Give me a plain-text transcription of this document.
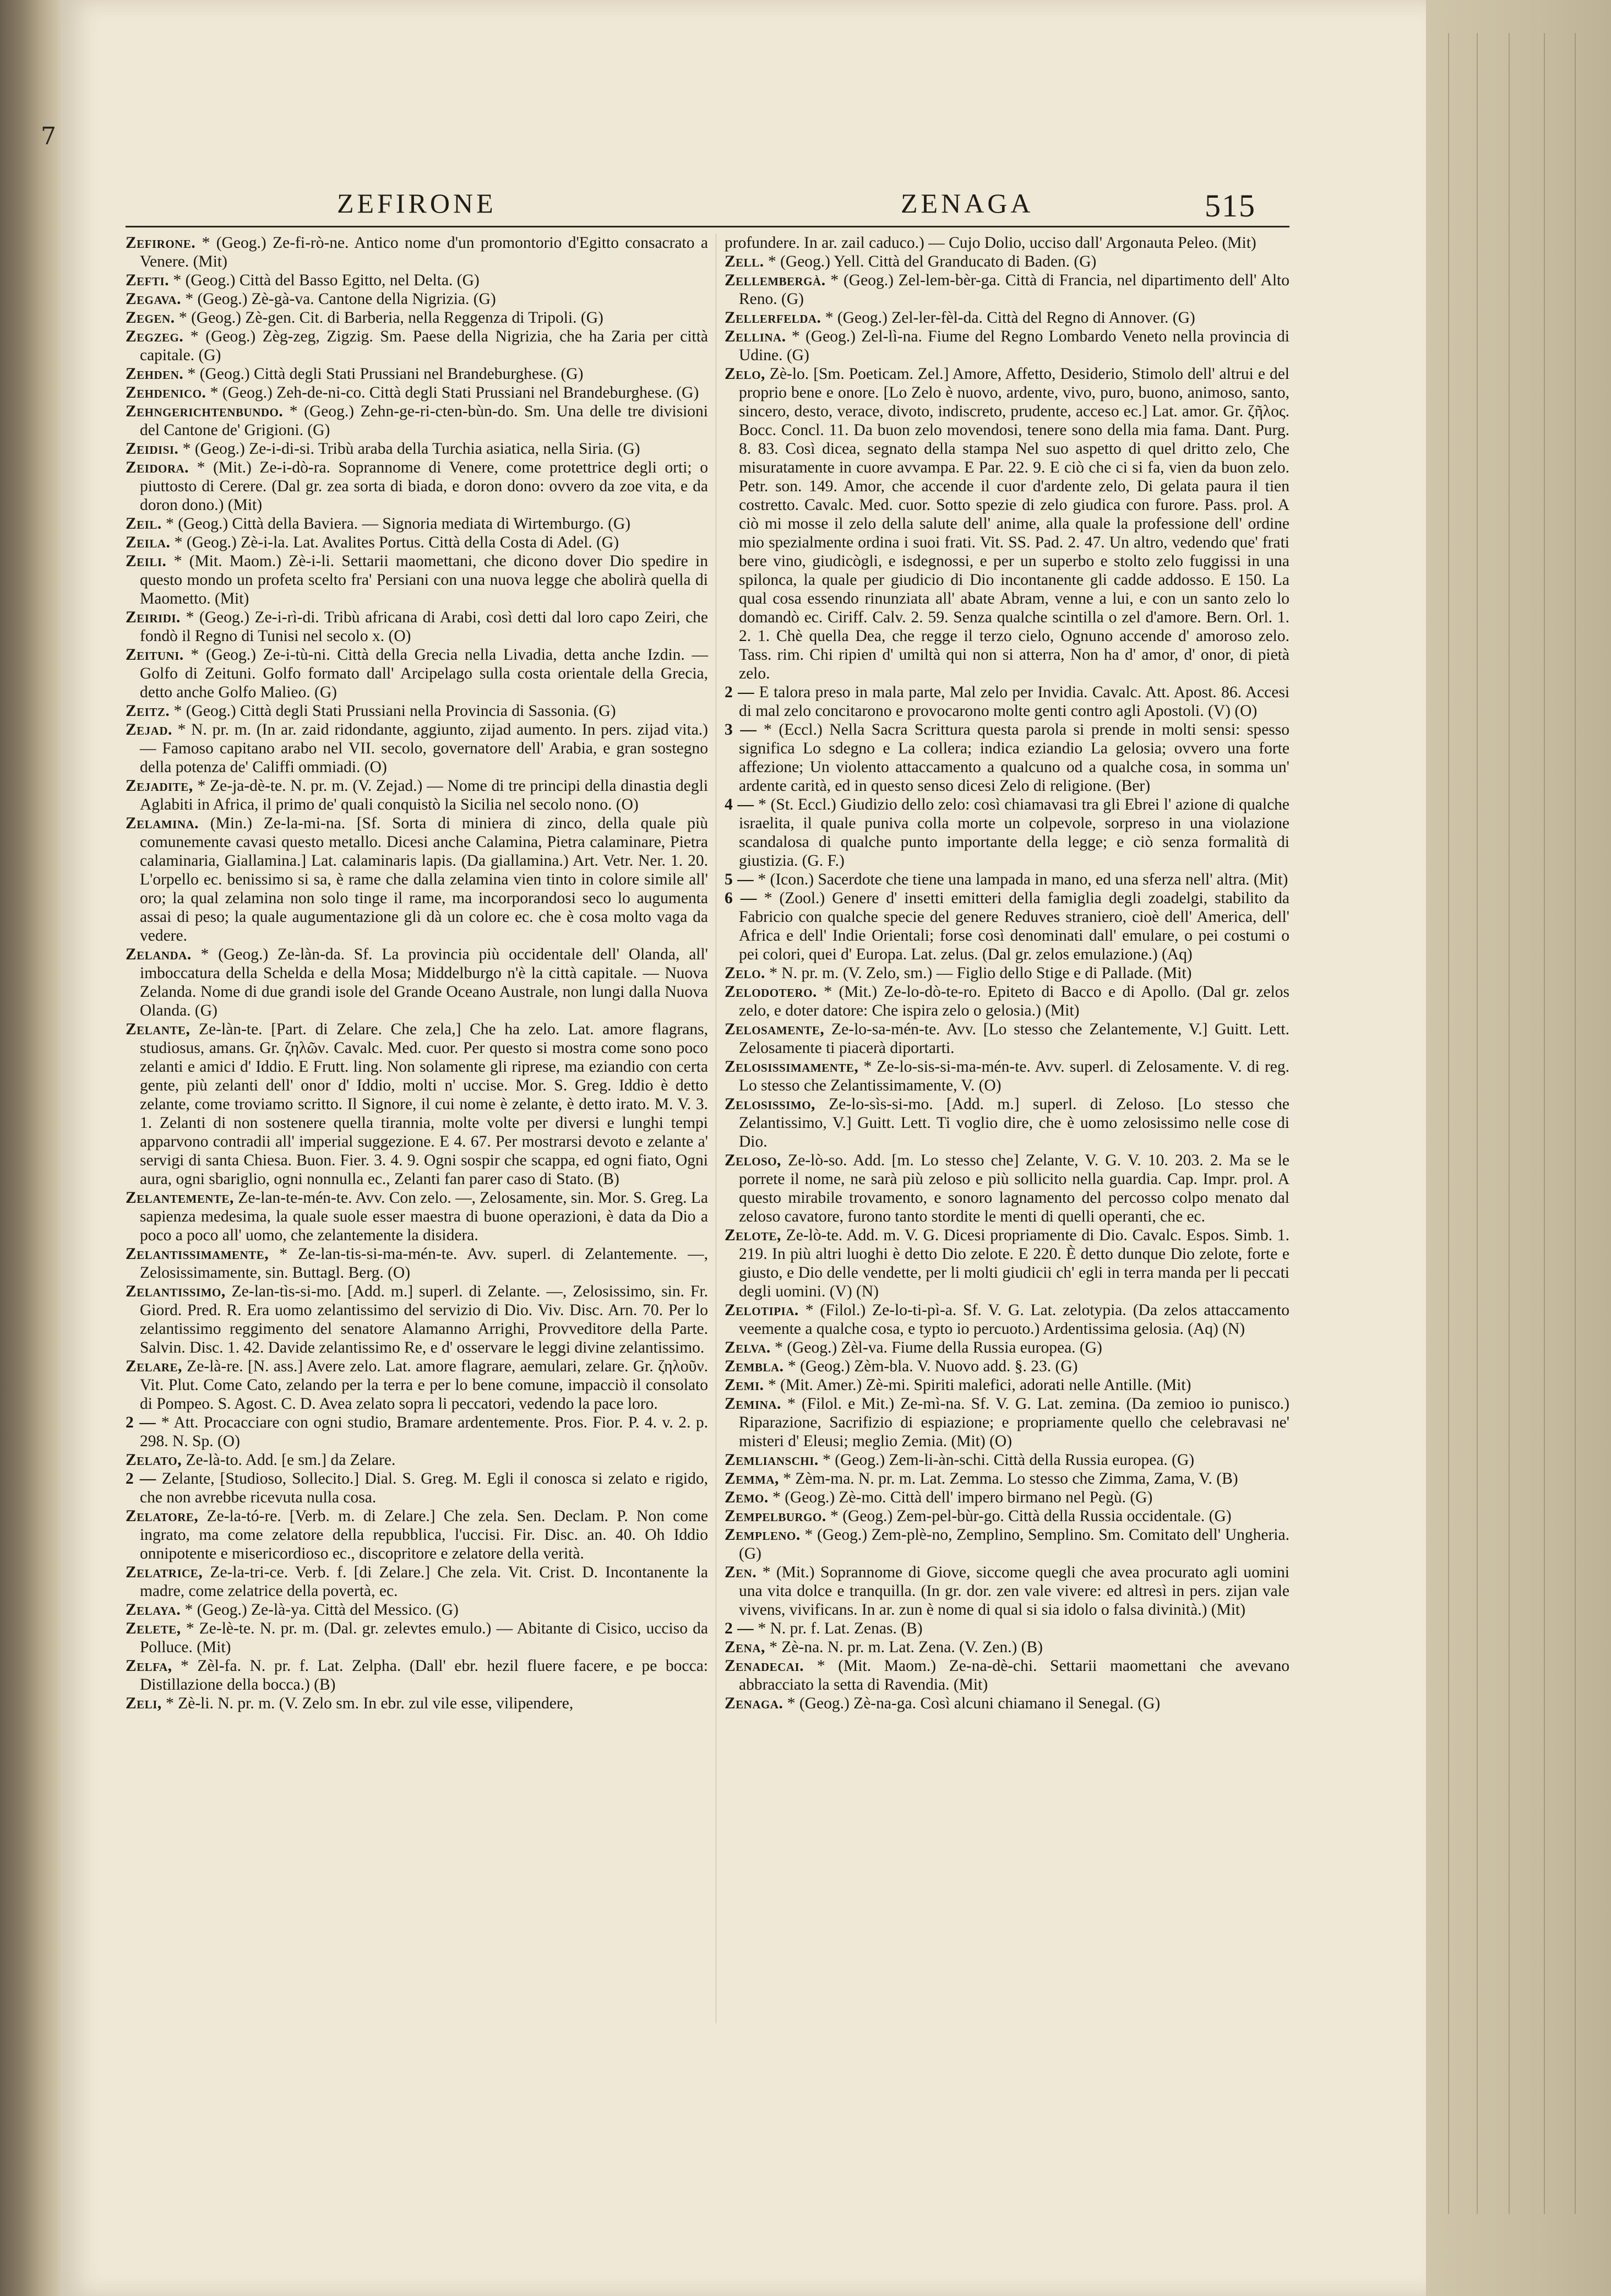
7
ZEFIRONE	ZENAGA	515

Zefirone. * (Geog.) Ze-fi-rò-ne. Antico nome d'un promontorio d'Egitto consacrato a Venere. (Mit)

Zefti. * (Geog.) Città del Basso Egitto, nel Delta. (G)

Zegava. * (Geog.) Zè-gà-va. Cantone della Nigrizia. (G)

Zegen. * (Geog.) Zè-gen. Cit. di Barberia, nella Reggenza di Tripoli. (G)

Zegzeg. * (Geog.) Zèg-zeg, Zigzig. Sm. Paese della Nigrizia, che ha Zaria per città capitale. (G)

Zehden. * (Geog.) Città degli Stati Prussiani nel Brandeburghese. (G)

Zehdenico. * (Geog.) Zeh-de-ni-co. Città degli Stati Prussiani nel Brandeburghese. (G)

Zehngerichtenbundo. * (Geog.) Zehn-ge-ri-cten-bùn-do. Sm. Una delle tre divisioni del Cantone de' Grigioni. (G)

Zeidisi. * (Geog.) Ze-i-di-si. Tribù araba della Turchia asiatica, nella Siria. (G)

Zeidora. * (Mit.) Ze-i-dò-ra. Soprannome di Venere, come protettrice degli orti; o piuttosto di Cerere. (Dal gr. zea sorta di biada, e doron dono: ovvero da zoe vita, e da doron dono.) (Mit)

Zeil. * (Geog.) Città della Baviera. — Signoria mediata di Wirtemburgo. (G)

Zeila. * (Geog.) Zè-i-la. Lat. Avalites Portus. Città della Costa di Adel. (G)

Zeili. * (Mit. Maom.) Zè-i-li. Settarii maomettani, che dicono dover Dio spedire in questo mondo un profeta scelto fra' Persiani con una nuova legge che abolirà quella di Maometto. (Mit)

Zeiridi. * (Geog.) Ze-i-rì-di. Tribù africana di Arabi, così detti dal loro capo Zeiri, che fondò il Regno di Tunisi nel secolo x. (O)

Zeituni. * (Geog.) Ze-i-tù-ni. Città della Grecia nella Livadia, detta anche Izdin. — Golfo di Zeituni. Golfo formato dall' Arcipelago sulla costa orientale della Grecia, detto anche Golfo Malieo. (G)

Zeitz. * (Geog.) Città degli Stati Prussiani nella Provincia di Sassonia. (G)

Zejad. * N. pr. m. (In ar. zaid ridondante, aggiunto, zijad aumento. In pers. zijad vita.) — Famoso capitano arabo nel VII. secolo, governatore dell' Arabia, e gran sostegno della potenza de' Califfi ommiadi. (O)

Zejadite, * Ze-ja-dè-te. N. pr. m. (V. Zejad.) — Nome di tre principi della dinastia degli Aglabiti in Africa, il primo de' quali conquistò la Sicilia nel secolo nono. (O)

Zelamina. (Min.) Ze-la-mi-na. [Sf. Sorta di miniera di zinco, della quale più comunemente cavasi questo metallo. Dicesi anche Calamina, Pietra calaminare, Pietra calaminaria, Giallamina.] Lat. calaminaris lapis. (Da giallamina.) Art. Vetr. Ner. 1. 20. L'orpello ec. benissimo si sa, è rame che dalla zelamina vien tinto in colore simile all' oro; la qual zelamina non solo tinge il rame, ma incorporandosi seco lo augumenta assai di peso; la quale augumentazione gli dà un colore ec. che è cosa molto vaga da vedere.

Zelanda. * (Geog.) Ze-làn-da. Sf. La provincia più occidentale dell' Olanda, all' imboccatura della Schelda e della Mosa; Middelburgo n'è la città capitale. — Nuova Zelanda. Nome di due grandi isole del Grande Oceano Australe, non lungi dalla Nuova Olanda. (G)

Zelante, Ze-làn-te. [Part. di Zelare. Che zela,] Che ha zelo. Lat. amore flagrans, studiosus, amans. Gr. ζηλῶν. Cavalc. Med. cuor. Per questo si mostra come sono poco zelanti e amici d' Iddio. E Frutt. ling. Non solamente gli riprese, ma eziandio con certa gente, più zelanti dell' onor d' Iddio, molti n' uccise. Mor. S. Greg. Iddio è detto zelante, come troviamo scritto. Il Signore, il cui nome è zelante, è detto irato. M. V. 3. 1. Zelanti di non sostenere quella tirannia, molte volte per diversi e lunghi tempi apparvono contradii all' imperial suggezione. E 4. 67. Per mostrarsi devoto e zelante a' servigi di santa Chiesa. Buon. Fier. 3. 4. 9. Ogni sospir che scappa, ed ogni fiato, Ogni aura, ogni sbariglio, ogni nonnulla ec., Zelanti fan parer caso di Stato. (B)

Zelantemente, Ze-lan-te-mén-te. Avv. Con zelo. —, Zelosamente, sin. Mor. S. Greg. La sapienza medesima, la quale suole esser maestra di buone operazioni, è data da Dio a poco a poco all' uomo, che zelantemente la disidera.

Zelantissimamente, * Ze-lan-tis-si-ma-mén-te. Avv. superl. di Zelantemente. —, Zelosissimamente, sin. Buttagl. Berg. (O)

Zelantissimo, Ze-lan-tìs-si-mo. [Add. m.] superl. di Zelante. —, Zelosissimo, sin. Fr. Giord. Pred. R. Era uomo zelantissimo del servizio di Dio. Viv. Disc. Arn. 70. Per lo zelantissimo reggimento del senatore Alamanno Arrighi, Provveditore della Parte. Salvin. Disc. 1. 42. Davide zelantissimo Re, e d' osservare le leggi divine zelantissimo.

Zelare, Ze-là-re. [N. ass.] Avere zelo. Lat. amore flagrare, aemulari, zelare. Gr. ζηλοῦν. Vit. Plut. Come Cato, zelando per la terra e per lo bene comune, impacciò il consolato di Pompeo. S. Agost. C. D. Avea zelato sopra li peccatori, vedendo la pace loro.

2 — * Att. Procacciare con ogni studio, Bramare ardentemente. Pros. Fior. P. 4. v. 2. p. 298. N. Sp. (O)

Zelato, Ze-là-to. Add. [e sm.] da Zelare.

2 — Zelante, [Studioso, Sollecito.] Dial. S. Greg. M. Egli il conosca si zelato e rigido, che non avrebbe ricevuta nulla cosa.

Zelatore, Ze-la-tó-re. [Verb. m. di Zelare.] Che zela. Sen. Declam. P. Non come ingrato, ma come zelatore della repubblica, l'uccisi. Fir. Disc. an. 40. Oh Iddio onnipotente e misericordioso ec., discopritore e zelatore della verità.

Zelatrice, Ze-la-tri-ce. Verb. f. [di Zelare.] Che zela. Vit. Crist. D. Incontanente la madre, come zelatrice della povertà, ec.

Zelaya. * (Geog.) Ze-là-ya. Città del Messico. (G)

Zelete, * Ze-lè-te. N. pr. m. (Dal. gr. zelevtes emulo.) — Abitante di Cisico, ucciso da Polluce. (Mit)

Zelfa, * Zèl-fa. N. pr. f. Lat. Zelpha. (Dall' ebr. hezil fluere facere, e pe bocca: Distillazione della bocca.) (B)

Zeli, * Zè-li. N. pr. m. (V. Zelo sm. In ebr. zul vile esse, vilipendere,

profundere. In ar. zail caduco.) — Cujo Dolio, ucciso dall' Argonauta Peleo. (Mit)

Zell. * (Geog.) Yell. Città del Granducato di Baden. (G)

Zellembergà. * (Geog.) Zel-lem-bèr-ga. Città di Francia, nel dipartimento dell' Alto Reno. (G)

Zellerfelda. * (Geog.) Zel-ler-fèl-da. Città del Regno di Annover. (G)

Zellina. * (Geog.) Zel-lì-na. Fiume del Regno Lombardo Veneto nella provincia di Udine. (G)

Zelo, Zè-lo. [Sm. Poeticam. Zel.] Amore, Affetto, Desiderio, Stimolo dell' altrui e del proprio bene e onore. [Lo Zelo è nuovo, ardente, vivo, puro, buono, animoso, santo, sincero, desto, verace, divoto, indiscreto, prudente, acceso ec.] Lat. amor. Gr. ζῆλος. Bocc. Concl. 11. Da buon zelo movendosi, tenere sono della mia fama. Dant. Purg. 8. 83. Così dicea, segnato della stampa Nel suo aspetto di quel dritto zelo, Che misuratamente in cuore avvampa. E Par. 22. 9. E ciò che ci si fa, vien da buon zelo. Petr. son. 149. Amor, che accende il cuor d'ardente zelo, Di gelata paura il tien costretto. Cavalc. Med. cuor. Sotto spezie di zelo giudica con furore. Pass. prol. A ciò mi mosse il zelo della salute dell' anime, alla quale la professione dell' ordine mio spezialmente ordina i suoi frati. Vit. SS. Pad. 2. 47. Un altro, vedendo que' frati bere vino, giudicògli, e isdegnossi, e per un superbo e stolto zelo fuggissi in una spilonca, la quale per giudicio di Dio incontanente gli cadde addosso. E 150. La qual cosa essendo rinunziata all' abate Abram, venne a lui, e con un santo zelo lo domandò ec. Ciriff. Calv. 2. 59. Senza qualche scintilla o zel d'amore. Bern. Orl. 1. 2. 1. Chè quella Dea, che regge il terzo cielo, Ognuno accende d' amoroso zelo. Tass. rim. Chi ripien d' umiltà qui non si atterra, Non ha d' amor, d' onor, di pietà zelo.

2 — E talora preso in mala parte, Mal zelo per Invidia. Cavalc. Att. Apost. 86. Accesi di mal zelo concitarono e provocarono molte genti contro agli Apostoli. (V) (O)

3 — * (Eccl.) Nella Sacra Scrittura questa parola si prende in molti sensi: spesso significa Lo sdegno e La collera; indica eziandio La gelosia; ovvero una forte affezione; Un violento attaccamento a qualcuno od a qualche cosa, in somma un' ardente carità, ed in questo senso dicesi Zelo di religione. (Ber)

4 — * (St. Eccl.) Giudizio dello zelo: così chiamavasi tra gli Ebrei l' azione di qualche israelita, il quale puniva colla morte un colpevole, sorpreso in una violazione scandalosa di qualche punto importante della legge; e ciò senza formalità di giustizia. (G. F.)

5 — * (Icon.) Sacerdote che tiene una lampada in mano, ed una sferza nell' altra. (Mit)

6 — * (Zool.) Genere d' insetti emitteri della famiglia degli zoadelgi, stabilito da Fabricio con qualche specie del genere Reduves straniero, cioè dell' America, dell' Africa e dell' Indie Orientali; forse così denominati dall' emulare, o pei costumi o pei colori, quei d' Europa. Lat. zelus. (Dal gr. zelos emulazione.) (Aq)

Zelo. * N. pr. m. (V. Zelo, sm.) — Figlio dello Stige e di Pallade. (Mit)

Zelodotero. * (Mit.) Ze-lo-dò-te-ro. Epiteto di Bacco e di Apollo. (Dal gr. zelos zelo, e doter datore: Che ispira zelo o gelosia.) (Mit)

Zelosamente, Ze-lo-sa-mén-te. Avv. [Lo stesso che Zelantemente, V.] Guitt. Lett. Zelosamente ti piacerà diportarti.

Zelosissimamente, * Ze-lo-sis-si-ma-mén-te. Avv. superl. di Zelosamente. V. di reg. Lo stesso che Zelantissimamente, V. (O)

Zelosissimo, Ze-lo-sìs-si-mo. [Add. m.] superl. di Zeloso. [Lo stesso che Zelantissimo, V.] Guitt. Lett. Ti voglio dire, che è uomo zelosissimo nelle cose di Dio.

Zeloso, Ze-lò-so. Add. [m. Lo stesso che] Zelante, V. G. V. 10. 203. 2. Ma se le porrete il nome, ne sarà più zeloso e più sollicito nella guardia. Cap. Impr. prol. A questo mirabile trovamento, e sonoro lagnamento del percosso colpo menato dal zeloso cavatore, furono tanto stordite le menti di quelli operanti, che ec.

Zelote, Ze-lò-te. Add. m. V. G. Dicesi propriamente di Dio. Cavalc. Espos. Simb. 1. 219. In più altri luoghi è detto Dio zelote. E 220. È detto dunque Dio zelote, forte e giusto, e Dio delle vendette, per li molti giudicii ch' egli in terra manda per li peccati degli uomini. (V) (N)

Zelotipia. * (Filol.) Ze-lo-ti-pì-a. Sf. V. G. Lat. zelotypia. (Da zelos attaccamento veemente a qualche cosa, e typto io percuoto.) Ardentissima gelosia. (Aq) (N)

Zelva. * (Geog.) Zèl-va. Fiume della Russia europea. (G)

Zembla. * (Geog.) Zèm-bla. V. Nuovo add. §. 23. (G)

Zemi. * (Mit. Amer.) Zè-mi. Spiriti malefici, adorati nelle Antille. (Mit)

Zemina. * (Filol. e Mit.) Ze-mì-na. Sf. V. G. Lat. zemina. (Da zemioo io punisco.) Riparazione, Sacrifizio di espiazione; e propriamente quello che celebravasi ne' misteri d' Eleusi; meglio Zemia. (Mit) (O)

Zemlianschi. * (Geog.) Zem-li-àn-schi. Città della Russia europea. (G)

Zemma, * Zèm-ma. N. pr. m. Lat. Zemma. Lo stesso che Zimma, Zama, V. (B)

Zemo. * (Geog.) Zè-mo. Città dell' impero birmano nel Pegù. (G)

Zempelburgo. * (Geog.) Zem-pel-bùr-go. Città della Russia occidentale. (G)

Zempleno. * (Geog.) Zem-plè-no, Zemplino, Semplino. Sm. Comitato dell' Ungheria. (G)

Zen. * (Mit.) Soprannome di Giove, siccome quegli che avea procurato agli uomini una vita dolce e tranquilla. (In gr. dor. zen vale vivere: ed altresì in pers. zijan vale vivens, vivificans. In ar. zun è nome di qual si sia idolo o falsa divinità.) (Mit)

2 — * N. pr. f. Lat. Zenas. (B)

Zena, * Zè-na. N. pr. m. Lat. Zena. (V. Zen.) (B)

Zenadecai. * (Mit. Maom.) Ze-na-dè-chi. Settarii maomettani che avevano abbracciato la setta di Ravendia. (Mit)

Zenaga. * (Geog.) Zè-na-ga. Così alcuni chiamano il Senegal. (G)
